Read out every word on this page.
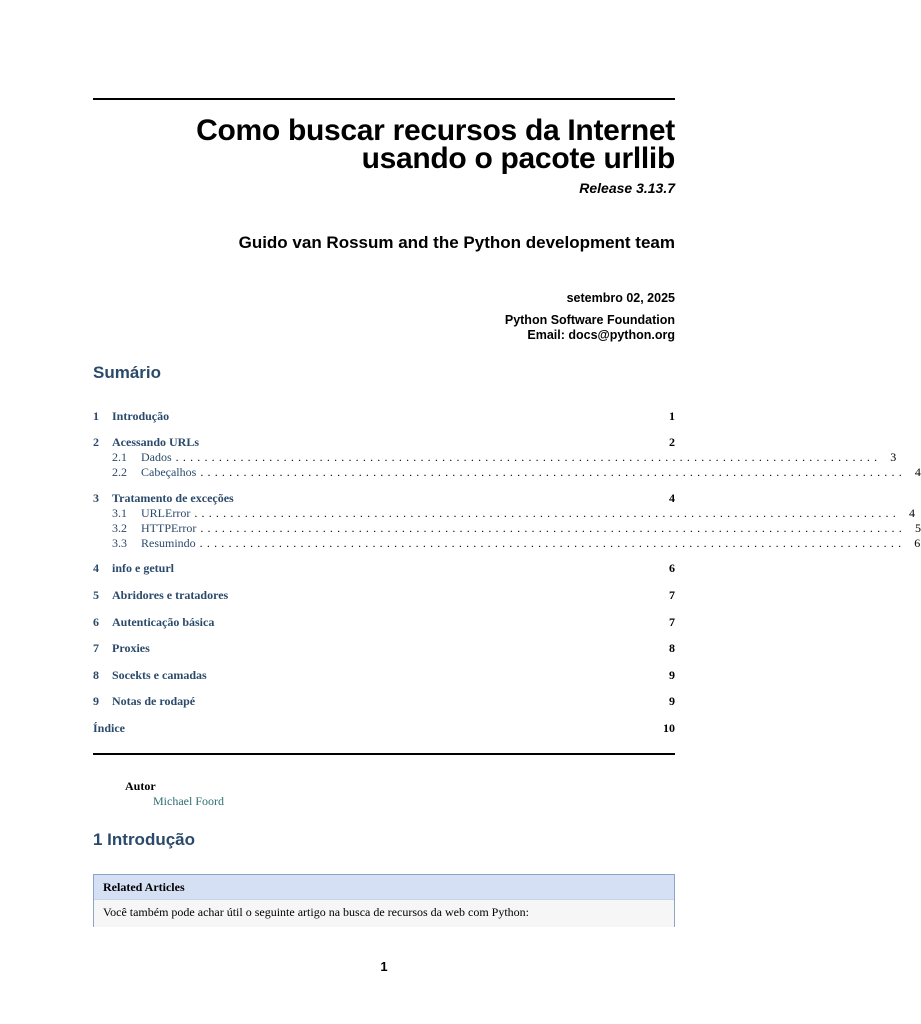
Como buscar recursos da Internet
usando o pacote urllib
Release 3.13.7
Guido van Rossum and the Python development team
setembro 02, 2025
Python Software Foundation
Email: docs@python.org
Sumário
1 Introdução	1
2 Acessando URLs	2
2.1	Dados .................................................................................................. 3
2.2	Cabeçalhos .................................................................................................. 4
3 Tratamento de exceções	4
3.1	URLError .................................................................................................. 4
3.2	HTTPError .................................................................................................. 5
3.3	Resumindo .................................................................................................. 6
4 info e geturl	6
5 Abridores e tratadores	7
6 Autenticação básica	7
7 Proxies	8
8 Socekts e camadas	9
9 Notas de rodapé	9
Índice	10
Autor
Michael Foord
1 Introdução
Related Articles
Você também pode achar útil o seguinte artigo na busca de recursos da web com Python:
1
